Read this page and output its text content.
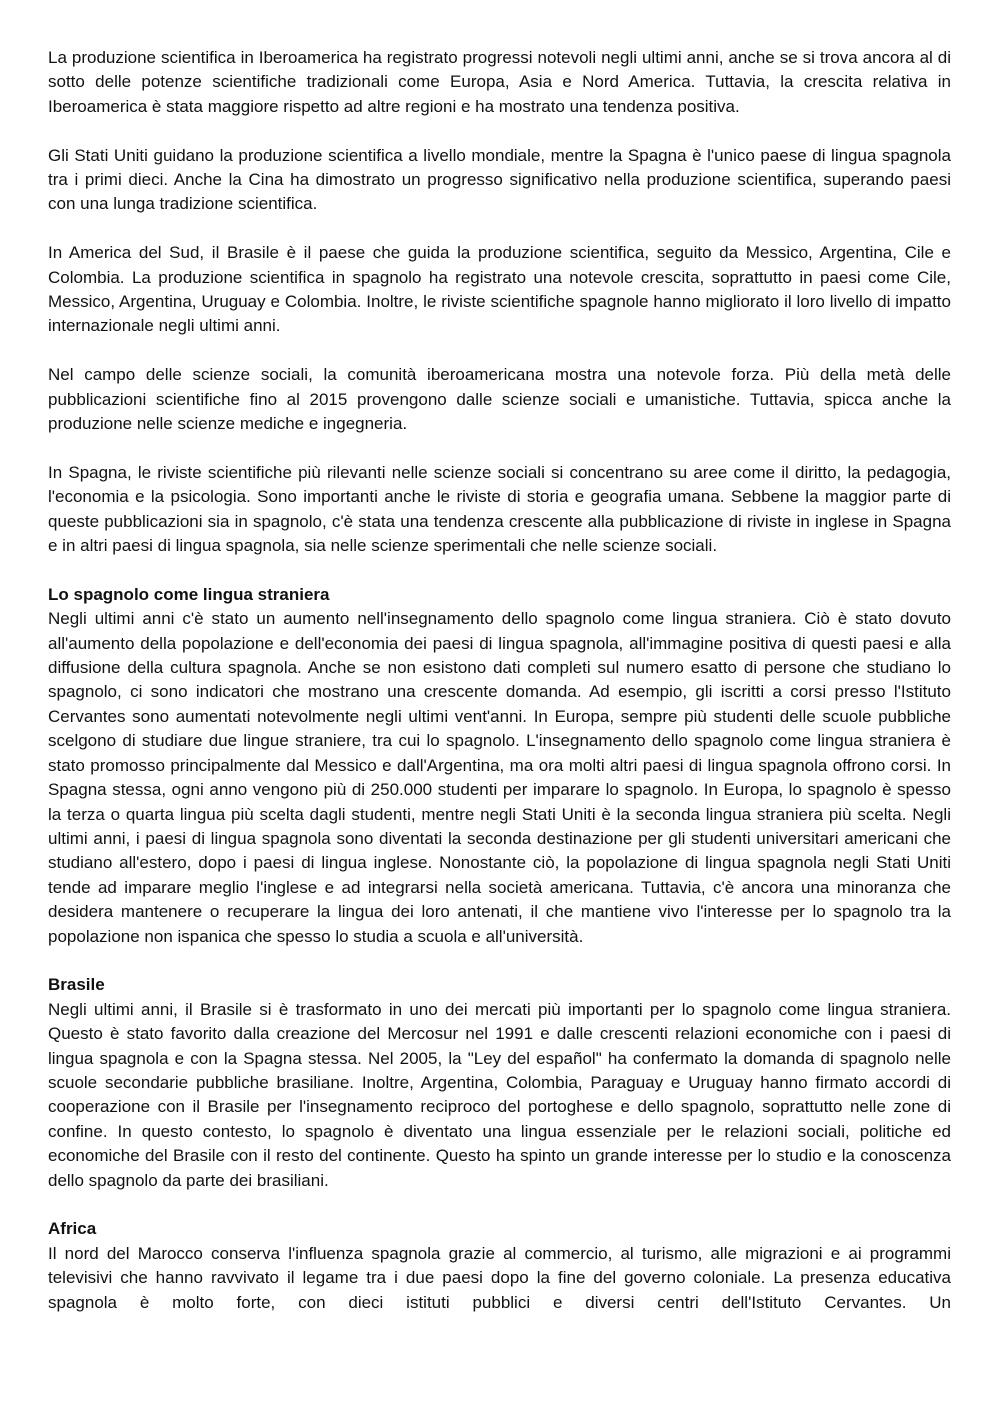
La produzione scientifica in Iberoamerica ha registrato progressi notevoli negli ultimi anni, anche se si trova ancora al di sotto delle potenze scientifiche tradizionali come Europa, Asia e Nord America. Tuttavia, la crescita relativa in Iberoamerica è stata maggiore rispetto ad altre regioni e ha mostrato una tendenza positiva.

Gli Stati Uniti guidano la produzione scientifica a livello mondiale, mentre la Spagna è l'unico paese di lingua spagnola tra i primi dieci. Anche la Cina ha dimostrato un progresso significativo nella produzione scientifica, superando paesi con una lunga tradizione scientifica.

In America del Sud, il Brasile è il paese che guida la produzione scientifica, seguito da Messico, Argentina, Cile e Colombia. La produzione scientifica in spagnolo ha registrato una notevole crescita, soprattutto in paesi come Cile, Messico, Argentina, Uruguay e Colombia. Inoltre, le riviste scientifiche spagnole hanno migliorato il loro livello di impatto internazionale negli ultimi anni.

Nel campo delle scienze sociali, la comunità iberoamericana mostra una notevole forza. Più della metà delle pubblicazioni scientifiche fino al 2015 provengono dalle scienze sociali e umanistiche. Tuttavia, spicca anche la produzione nelle scienze mediche e ingegneria.

In Spagna, le riviste scientifiche più rilevanti nelle scienze sociali si concentrano su aree come il diritto, la pedagogia, l'economia e la psicologia. Sono importanti anche le riviste di storia e geografia umana. Sebbene la maggior parte di queste pubblicazioni sia in spagnolo, c'è stata una tendenza crescente alla pubblicazione di riviste in inglese in Spagna e in altri paesi di lingua spagnola, sia nelle scienze sperimentali che nelle scienze sociali.

Lo spagnolo come lingua straniera

Negli ultimi anni c'è stato un aumento nell'insegnamento dello spagnolo come lingua straniera. Ciò è stato dovuto all'aumento della popolazione e dell'economia dei paesi di lingua spagnola, all'immagine positiva di questi paesi e alla diffusione della cultura spagnola. Anche se non esistono dati completi sul numero esatto di persone che studiano lo spagnolo, ci sono indicatori che mostrano una crescente domanda. Ad esempio, gli iscritti a corsi presso l'Istituto Cervantes sono aumentati notevolmente negli ultimi vent'anni. In Europa, sempre più studenti delle scuole pubbliche scelgono di studiare due lingue straniere, tra cui lo spagnolo. L'insegnamento dello spagnolo come lingua straniera è stato promosso principalmente dal Messico e dall'Argentina, ma ora molti altri paesi di lingua spagnola offrono corsi. In Spagna stessa, ogni anno vengono più di 250.000 studenti per imparare lo spagnolo. In Europa, lo spagnolo è spesso la terza o quarta lingua più scelta dagli studenti, mentre negli Stati Uniti è la seconda lingua straniera più scelta. Negli ultimi anni, i paesi di lingua spagnola sono diventati la seconda destinazione per gli studenti universitari americani che studiano all'estero, dopo i paesi di lingua inglese. Nonostante ciò, la popolazione di lingua spagnola negli Stati Uniti tende ad imparare meglio l'inglese e ad integrarsi nella società americana. Tuttavia, c'è ancora una minoranza che desidera mantenere o recuperare la lingua dei loro antenati, il che mantiene vivo l'interesse per lo spagnolo tra la popolazione non ispanica che spesso lo studia a scuola e all'università.

Brasile

Negli ultimi anni, il Brasile si è trasformato in uno dei mercati più importanti per lo spagnolo come lingua straniera. Questo è stato favorito dalla creazione del Mercosur nel 1991 e dalle crescenti relazioni economiche con i paesi di lingua spagnola e con la Spagna stessa. Nel 2005, la "Ley del español" ha confermato la domanda di spagnolo nelle scuole secondarie pubbliche brasiliane. Inoltre, Argentina, Colombia, Paraguay e Uruguay hanno firmato accordi di cooperazione con il Brasile per l'insegnamento reciproco del portoghese e dello spagnolo, soprattutto nelle zone di confine. In questo contesto, lo spagnolo è diventato una lingua essenziale per le relazioni sociali, politiche ed economiche del Brasile con il resto del continente. Questo ha spinto un grande interesse per lo studio e la conoscenza dello spagnolo da parte dei brasiliani.

Africa

Il nord del Marocco conserva l'influenza spagnola grazie al commercio, al turismo, alle migrazioni e ai programmi televisivi che hanno ravvivato il legame tra i due paesi dopo la fine del governo coloniale. La presenza educativa spagnola è molto forte, con dieci istituti pubblici e diversi centri dell'Istituto Cervantes. Un
